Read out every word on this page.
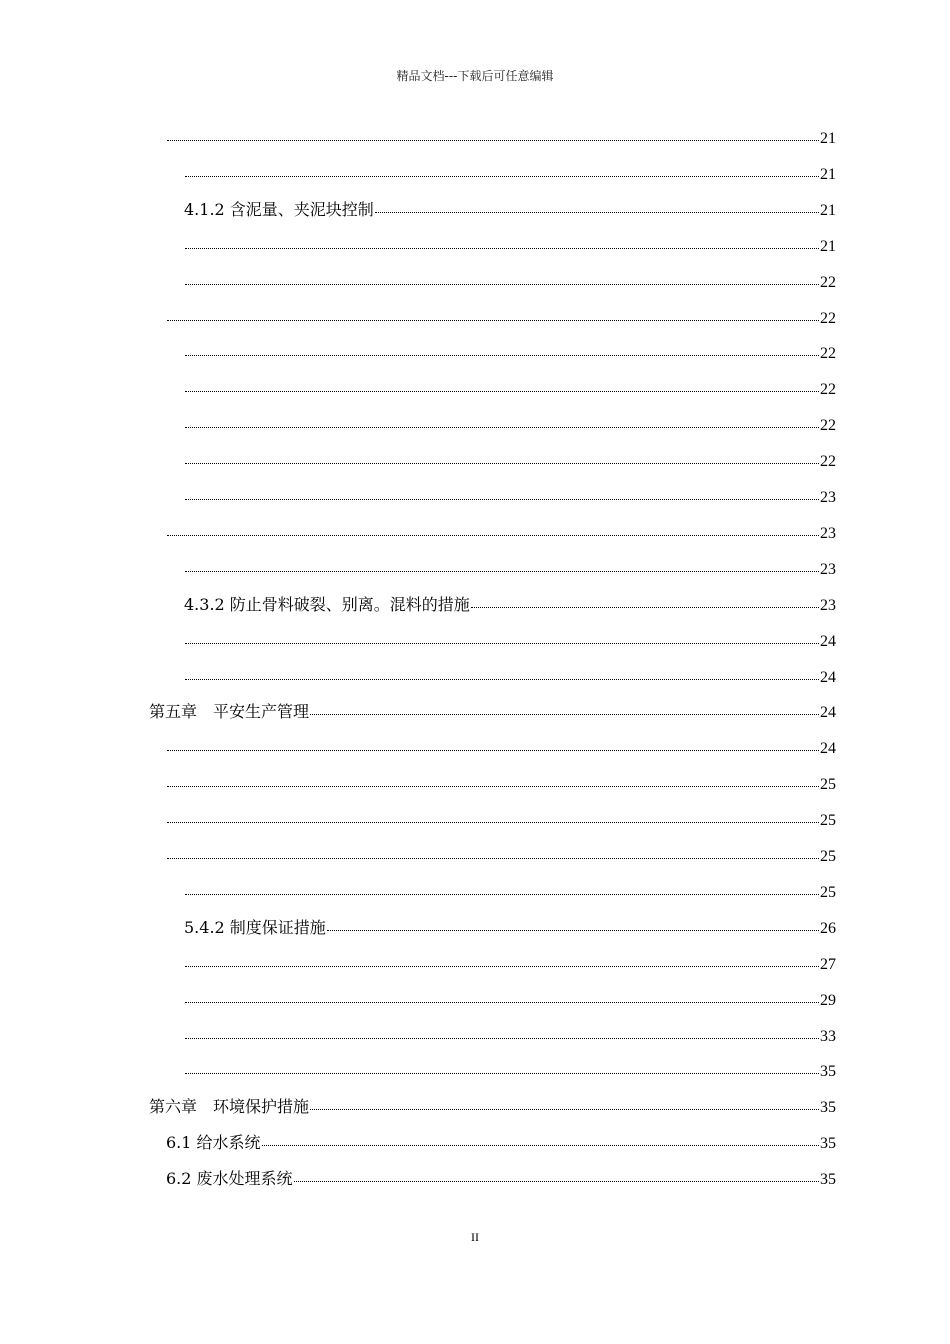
精品文档---下载后可任意编辑
21
21
4.1.2 含泥量、夹泥块控制	21
21
22
22
22
22
22
22
23
23
23
4.3.2 防止骨料破裂、别离。混料的措施	23
24
24
第五章　平安生产管理	24
24
25
25
25
25
5.4.2 制度保证措施	26
27
29
33
35
第六章　环境保护措施	35
6.1 给水系统	35
6.2 废水处理系统	35
II
